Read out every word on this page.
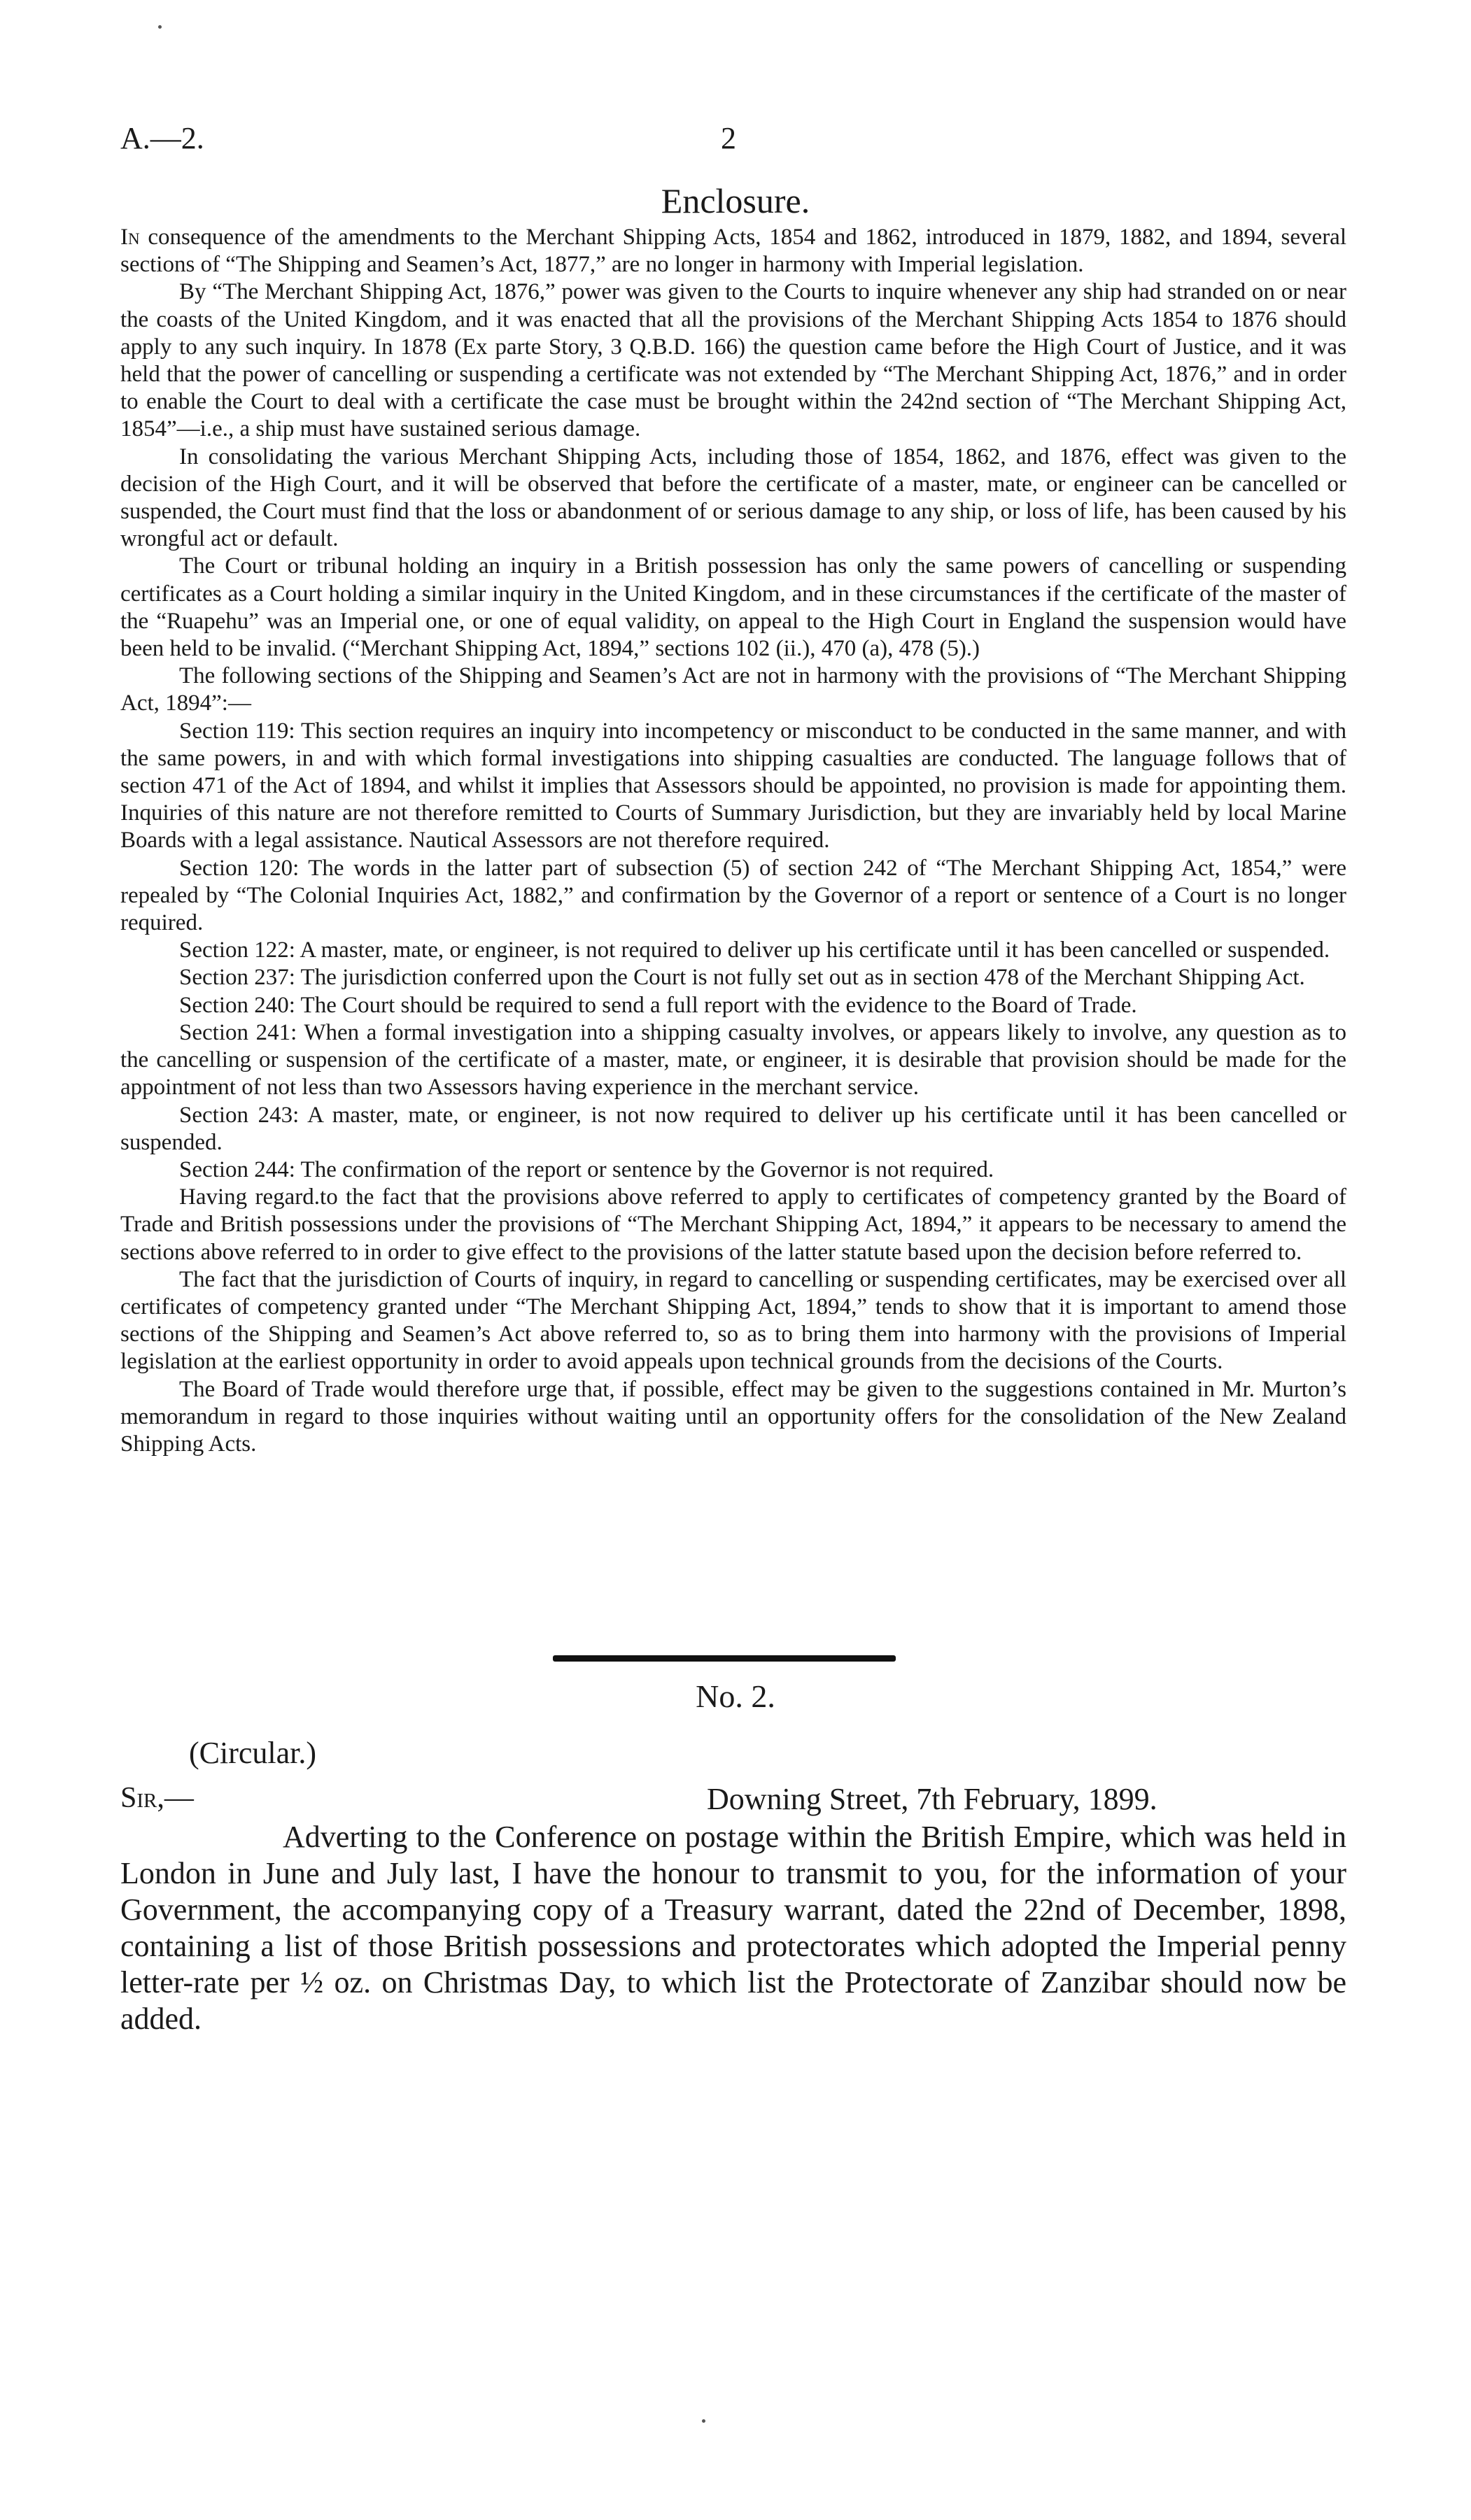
A.—2.	2
Enclosure.

In consequence of the amendments to the Merchant Shipping Acts, 1854 and 1862, introduced in 1879, 1882, and 1894, several sections of “The Shipping and Seamen’s Act, 1877,” are no longer in harmony with Imperial legislation.

By “The Merchant Shipping Act, 1876,” power was given to the Courts to inquire whenever any ship had stranded on or near the coasts of the United Kingdom, and it was enacted that all the provisions of the Merchant Shipping Acts 1854 to 1876 should apply to any such inquiry. In 1878 (Ex parte Story, 3 Q.B.D. 166) the question came before the High Court of Justice, and it was held that the power of cancelling or suspending a certificate was not extended by “The Merchant Shipping Act, 1876,” and in order to enable the Court to deal with a certificate the case must be brought within the 242nd section of “The Merchant Shipping Act, 1854”—i.e., a ship must have sustained serious damage.

In consolidating the various Merchant Shipping Acts, including those of 1854, 1862, and 1876, effect was given to the decision of the High Court, and it will be observed that before the certificate of a master, mate, or engineer can be cancelled or suspended, the Court must find that the loss or abandonment of or serious damage to any ship, or loss of life, has been caused by his wrongful act or default.

The Court or tribunal holding an inquiry in a British possession has only the same powers of cancelling or suspending certificates as a Court holding a similar inquiry in the United Kingdom, and in these circumstances if the certificate of the master of the “Ruapehu” was an Imperial one, or one of equal validity, on appeal to the High Court in England the suspension would have been held to be invalid. (“Merchant Shipping Act, 1894,” sections 102 (ii.), 470 (a), 478 (5).)

The following sections of the Shipping and Seamen’s Act are not in harmony with the provisions of “The Merchant Shipping Act, 1894”:—

Section 119: This section requires an inquiry into incompetency or misconduct to be conducted in the same manner, and with the same powers, in and with which formal investigations into shipping casualties are conducted. The language follows that of section 471 of the Act of 1894, and whilst it implies that Assessors should be appointed, no provision is made for appointing them. Inquiries of this nature are not therefore remitted to Courts of Summary Jurisdiction, but they are invariably held by local Marine Boards with a legal assistance. Nautical Assessors are not therefore required.

Section 120: The words in the latter part of subsection (5) of section 242 of “The Merchant Shipping Act, 1854,” were repealed by “The Colonial Inquiries Act, 1882,” and confirmation by the Governor of a report or sentence of a Court is no longer required.

Section 122: A master, mate, or engineer, is not required to deliver up his certificate until it has been cancelled or suspended.

Section 237: The jurisdiction conferred upon the Court is not fully set out as in section 478 of the Merchant Shipping Act.

Section 240: The Court should be required to send a full report with the evidence to the Board of Trade.

Section 241: When a formal investigation into a shipping casualty involves, or appears likely to involve, any question as to the cancelling or suspension of the certificate of a master, mate, or engineer, it is desirable that provision should be made for the appointment of not less than two Assessors having experience in the merchant service.

Section 243: A master, mate, or engineer, is not now required to deliver up his certificate until it has been cancelled or suspended.

Section 244: The confirmation of the report or sentence by the Governor is not required.

Having regard.to the fact that the provisions above referred to apply to certificates of competency granted by the Board of Trade and British possessions under the provisions of “The Merchant Shipping Act, 1894,” it appears to be necessary to amend the sections above referred to in order to give effect to the provisions of the latter statute based upon the decision before referred to.

The fact that the jurisdiction of Courts of inquiry, in regard to cancelling or suspending certificates, may be exercised over all certificates of competency granted under “The Merchant Shipping Act, 1894,” tends to show that it is important to amend those sections of the Shipping and Seamen’s Act above referred to, so as to bring them into harmony with the provisions of Imperial legislation at the earliest opportunity in order to avoid appeals upon technical grounds from the decisions of the Courts.

The Board of Trade would therefore urge that, if possible, effect may be given to the suggestions contained in Mr. Murton’s memorandum in regard to those inquiries without waiting until an opportunity offers for the consolidation of the New Zealand Shipping Acts.

No. 2.
(Circular.)
Sir,—	Downing Street, 7th February, 1899.

Adverting to the Conference on postage within the British Empire, which was held in London in June and July last, I have the honour to transmit to you, for the information of your Government, the accompanying copy of a Treasury warrant, dated the 22nd of December, 1898, containing a list of those British possessions and protectorates which adopted the Imperial penny letter-rate per ½ oz. on Christmas Day, to which list the Protectorate of Zanzibar should now be added.
